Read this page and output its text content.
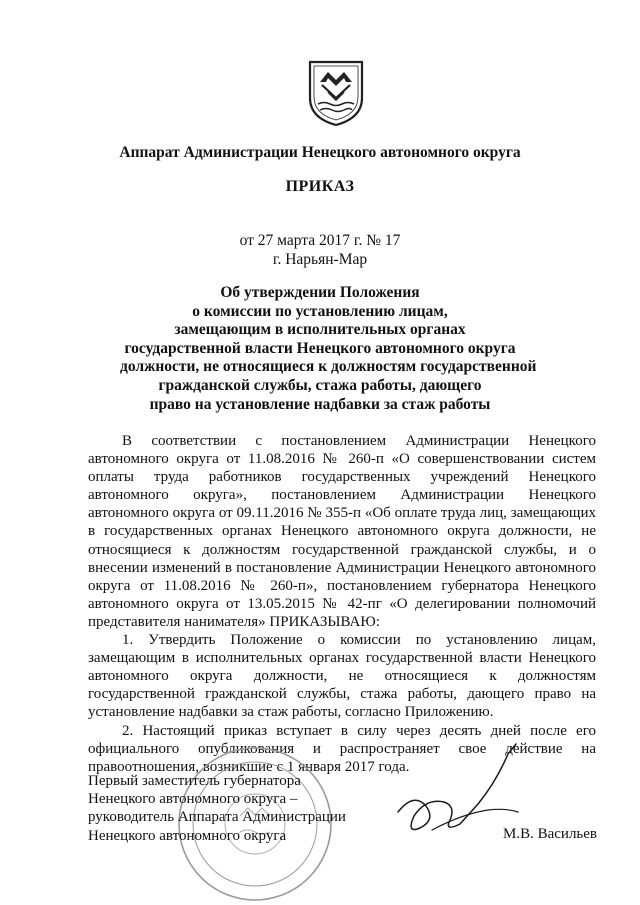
Аппарат Администрации Ненецкого автономного округа
ПРИКАЗ
от 27 марта 2017 г. № 17
г. Нарьян-Мар
Об утверждении Положения
о комиссии по установлению лицам,
замещающим в исполнительных органах
государственной власти Ненецкого автономного округа
должности, не относящиеся к должностям государственной
гражданской службы, стажа работы, дающего
право на установление надбавки за стаж работы

В соответствии с постановлением Администрации Ненецкого автономного округа от 11.08.2016 № 260-п «О совершенствовании систем оплаты труда работников государственных учреждений Ненецкого автономного округа», постановлением Администрации Ненецкого автономного округа от 09.11.2016 № 355-п «Об оплате труда лиц, замещающих в государственных органах Ненецкого автономного округа должности, не относящиеся к должностям государственной гражданской службы, и о внесении изменений в постановление Администрации Ненецкого автономного округа от 11.08.2016 № 260-п», постановлением губернатора Ненецкого автономного округа от 13.05.2015 № 42-пг «О делегировании полномочий представителя нанимателя» ПРИКАЗЫВАЮ:

1. Утвердить Положение о комиссии по установлению лицам, замещающим в исполнительных органах государственной власти Ненецкого автономного округа должности, не относящиеся к должностям государственной гражданской службы, стажа работы, дающего право на установление надбавки за стаж работы, согласно Приложению.

2. Настоящий приказ вступает в силу через десять дней после его официального опубликования и распространяет свое действие на правоотношения, возникшие с 1 января 2017 года.

Первый заместитель губернатора
Ненецкого автономного округа –
руководитель Аппарата Администрации
Ненецкого автономного округа	М.В. Васильев
